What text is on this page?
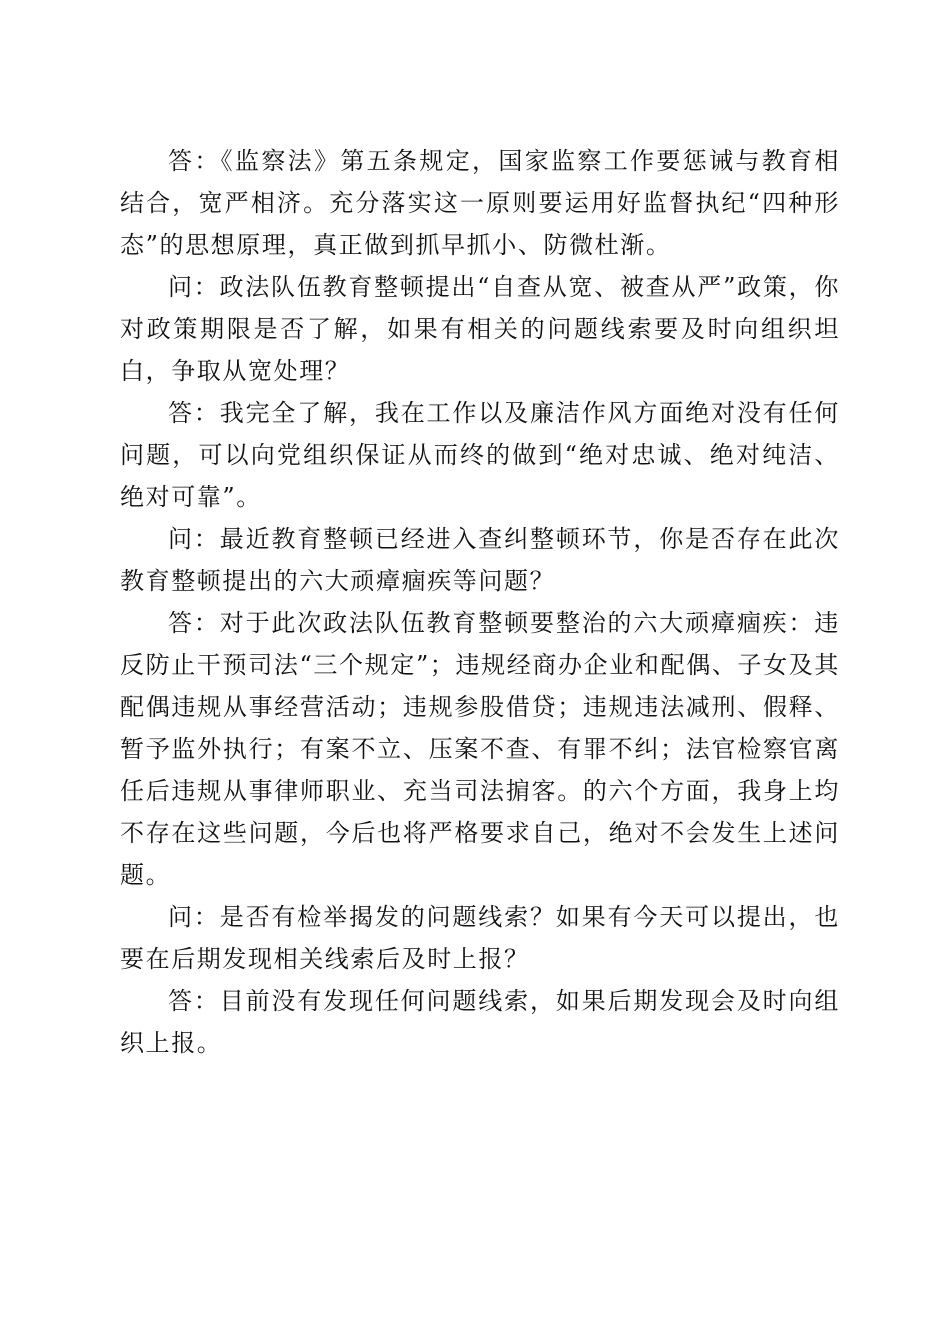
答：《监察法》第五条规定，国家监察工作要惩诫与教育相结合，宽严相济。充分落实这一原则要运用好监督执纪“四种形态”的思想原理，真正做到抓早抓小、防微杜渐。

问：政法队伍教育整顿提出“自查从宽、被查从严”政策，你对政策期限是否了解，如果有相关的问题线索要及时向组织坦白，争取从宽处理？

答：我完全了解，我在工作以及廉洁作风方面绝对没有任何问题，可以向党组织保证从而终的做到“绝对忠诚、绝对纯洁、绝对可靠”。

问：最近教育整顿已经进入查纠整顿环节，你是否存在此次教育整顿提出的六大顽瘴痼疾等问题？

答：对于此次政法队伍教育整顿要整治的六大顽瘴痼疾：违反防止干预司法“三个规定”；违规经商办企业和配偶、子女及其配偶违规从事经营活动；违规参股借贷；违规违法减刑、假释、暂予监外执行；有案不立、压案不查、有罪不纠；法官检察官离任后违规从事律师职业、充当司法掮客。的六个方面，我身上均不存在这些问题，今后也将严格要求自己，绝对不会发生上述问题。

问：是否有检举揭发的问题线索？如果有今天可以提出，也要在后期发现相关线索后及时上报？

答：目前没有发现任何问题线索，如果后期发现会及时向组织上报。
